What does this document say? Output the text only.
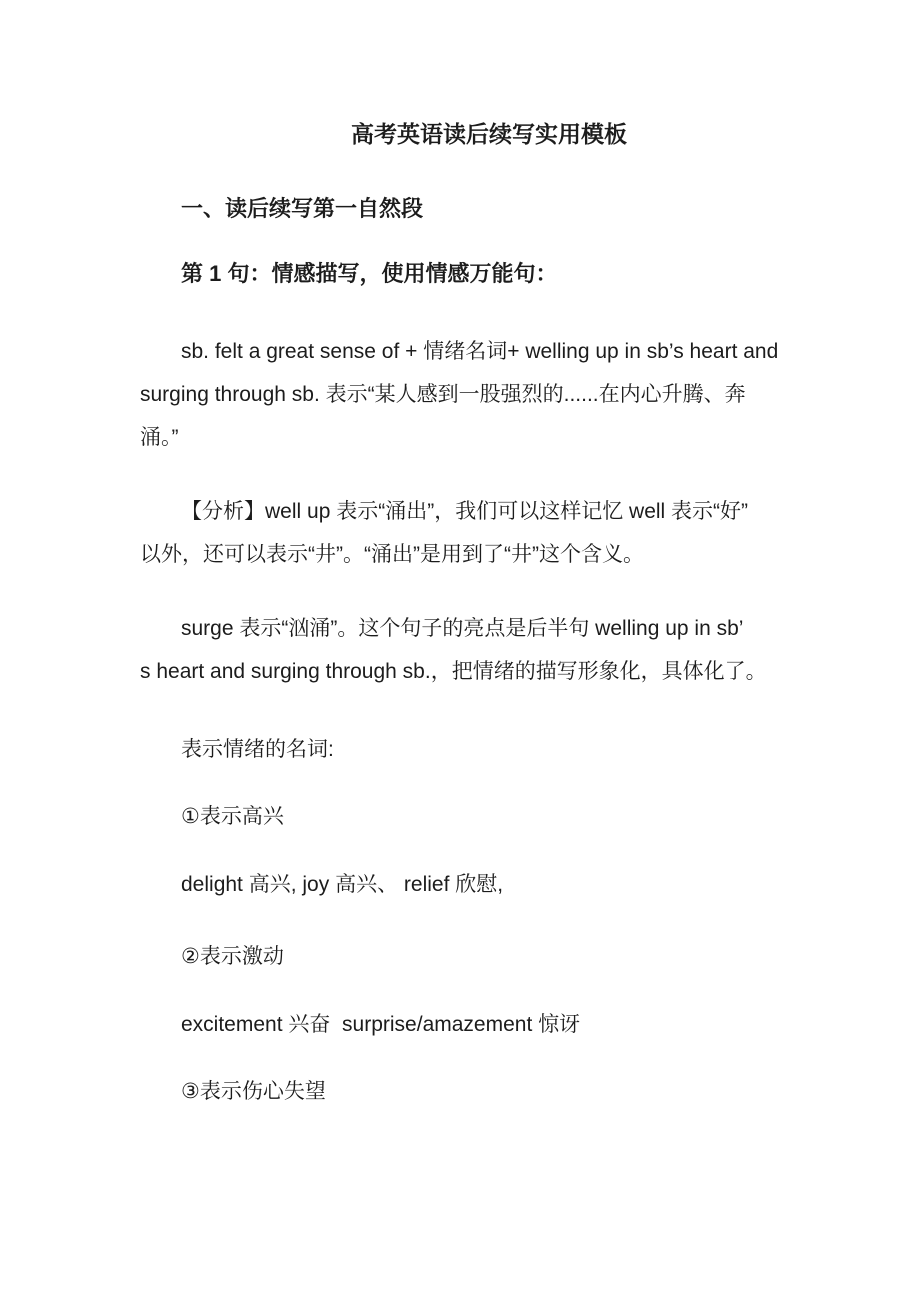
高考英语读后续写实用模板
一、读后续写第一自然段
第 1 句：情感描写，使用情感万能句：

sb. felt a great sense of + 情绪名词+ welling up in sb’s heart and
surging through sb. 表示“某人感到一股强烈的......在内心升腾、奔
涌。”

【分析】well up 表示“涌出”，我们可以这样记忆 well 表示“好”
以外，还可以表示“井”。“涌出”是用到了“井”这个含义。

surge 表示“汹涌”。这个句子的亮点是后半句 welling up in sb’
s heart and surging through sb.，把情绪的描写形象化，具体化了。

表示情绪的名词:

①表示高兴

delight 高兴, joy 高兴、 relief 欣慰,

②表示激动

excitement 兴奋  surprise/amazement 惊讶

③表示伤心失望
